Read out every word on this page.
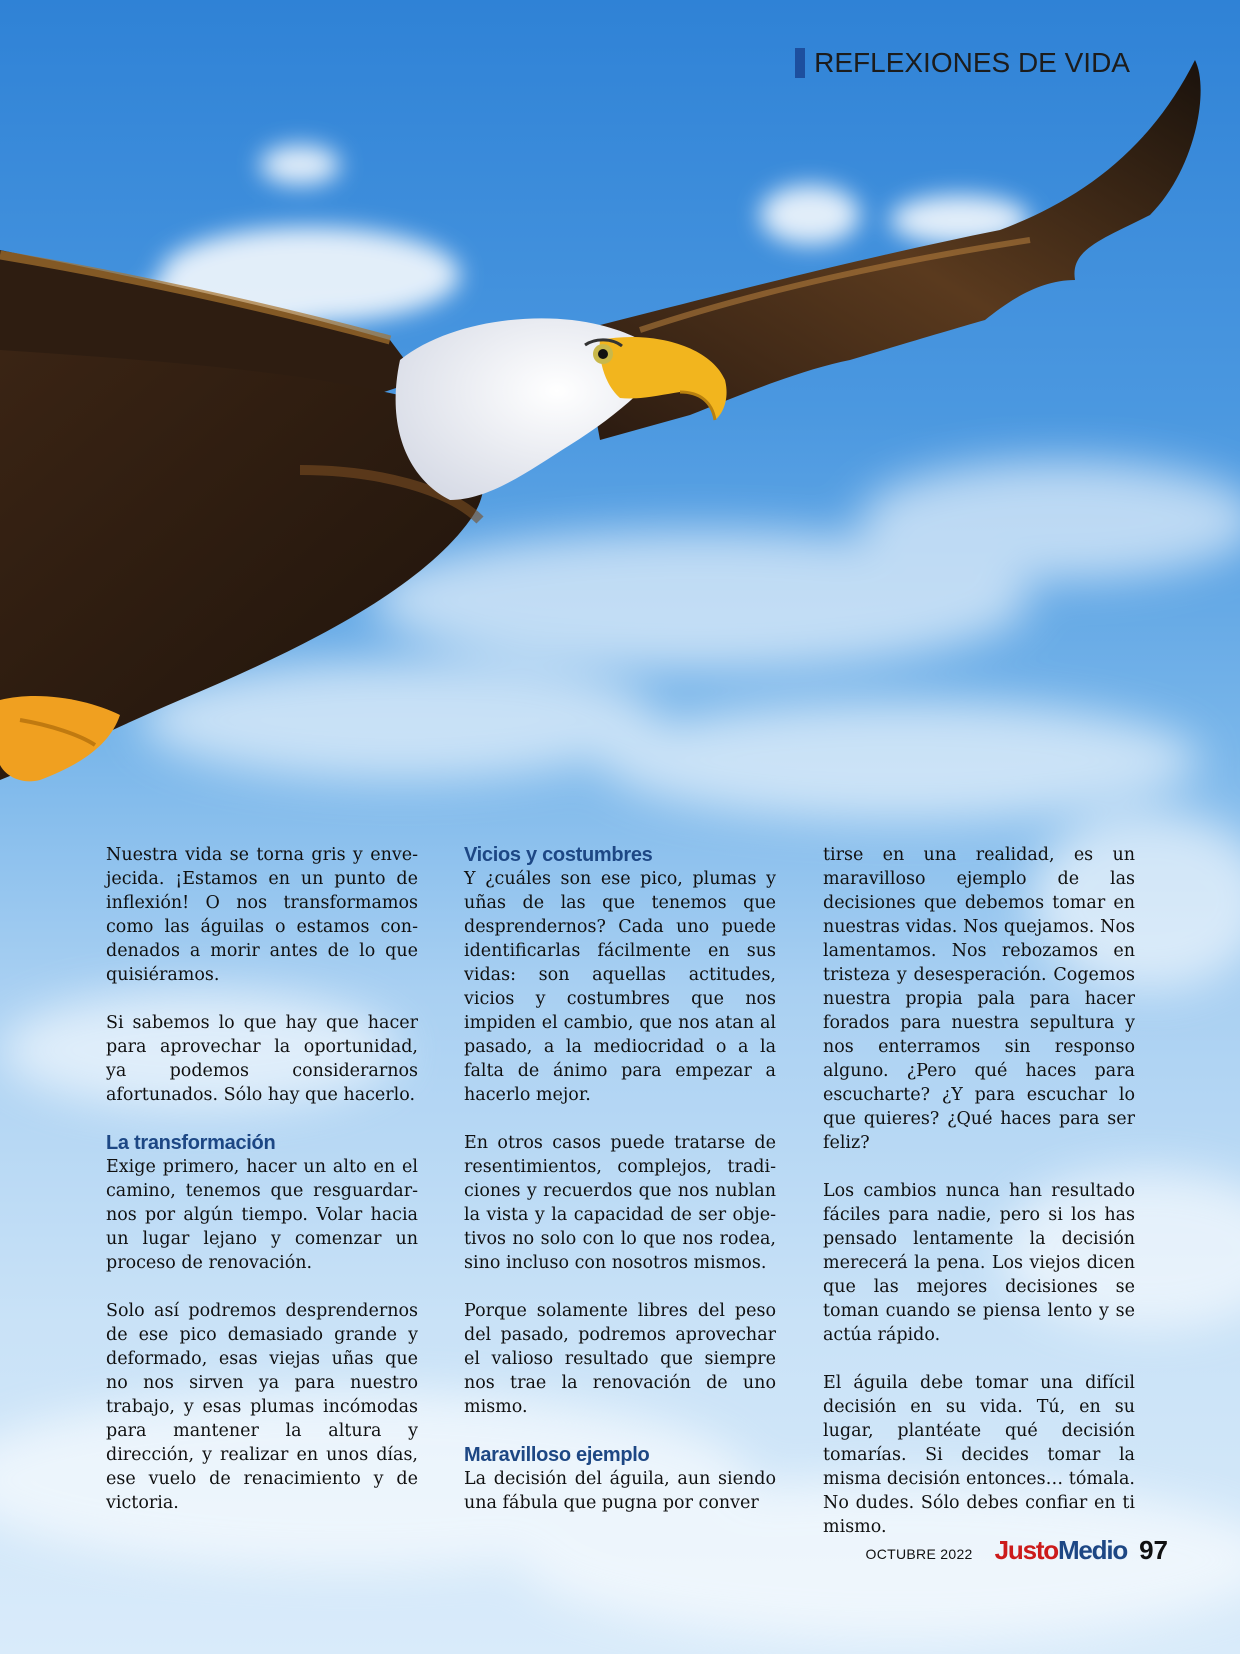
REFLEXIONES DE VIDA

Nuestra vida se torna gris y envejecida. ¡Estamos en un punto de inflexión! O nos transformamos como las águilas o estamos condenados a morir antes de lo que quisiéramos.

Si sabemos lo que hay que hacer para aprovechar la oportunidad, ya podemos considerarnos afortunados. Sólo hay que hacerlo.

La transformación

Exige primero, hacer un alto en el camino, tenemos que resguardarnos por algún tiempo. Volar hacia un lugar lejano y comenzar un proceso de renovación.

Solo así podremos desprendernos de ese pico demasiado grande y deformado, esas viejas uñas que no nos sirven ya para nuestro trabajo, y esas plumas incómodas para mantener la altura y dirección, y realizar en unos días, ese vuelo de renacimiento y de victoria.

Vicios y costumbres

Y ¿cuáles son ese pico, plumas y uñas de las que tenemos que desprendernos? Cada uno puede identificarlas fácilmente en sus vidas: son aquellas actitudes, vicios y costumbres que nos impiden el cambio, que nos atan al pasado, a la mediocridad o a la falta de ánimo para empezar a hacerlo mejor.

En otros casos puede tratarse de resentimientos, complejos, tradiciones y recuerdos que nos nublan la vista y la capacidad de ser objetivos no solo con lo que nos rodea, sino incluso con nosotros mismos.

Porque solamente libres del peso del pasado, podremos aprovechar el valioso resultado que siempre nos trae la renovación de uno mismo.

Maravilloso ejemplo

La decisión del águila, aun siendo una fábula que pugna por conver

tirse en una realidad, es un maravilloso ejemplo de las decisiones que debemos tomar en nuestras vidas. Nos quejamos. Nos lamentamos. Nos rebozamos en tristeza y desesperación. Cogemos nuestra propia pala para hacer forados para nuestra sepultura y nos enterramos sin responso alguno. ¿Pero qué haces para escucharte? ¿Y para escuchar lo que quieres? ¿Qué haces para ser feliz?

Los cambios nunca han resultado fáciles para nadie, pero si los has pensado lentamente la decisión merecerá la pena. Los viejos dicen que las mejores decisiones se toman cuando se piensa lento y se actúa rápido.

El águila debe tomar una difícil decisión en su vida. Tú, en su lugar, plantéate qué decisión tomarías. Si decides tomar la misma decisión entonces… tómala. No dudes. Sólo debes confiar en ti mismo.

OCTUBRE 2022 JustoMedio 97
